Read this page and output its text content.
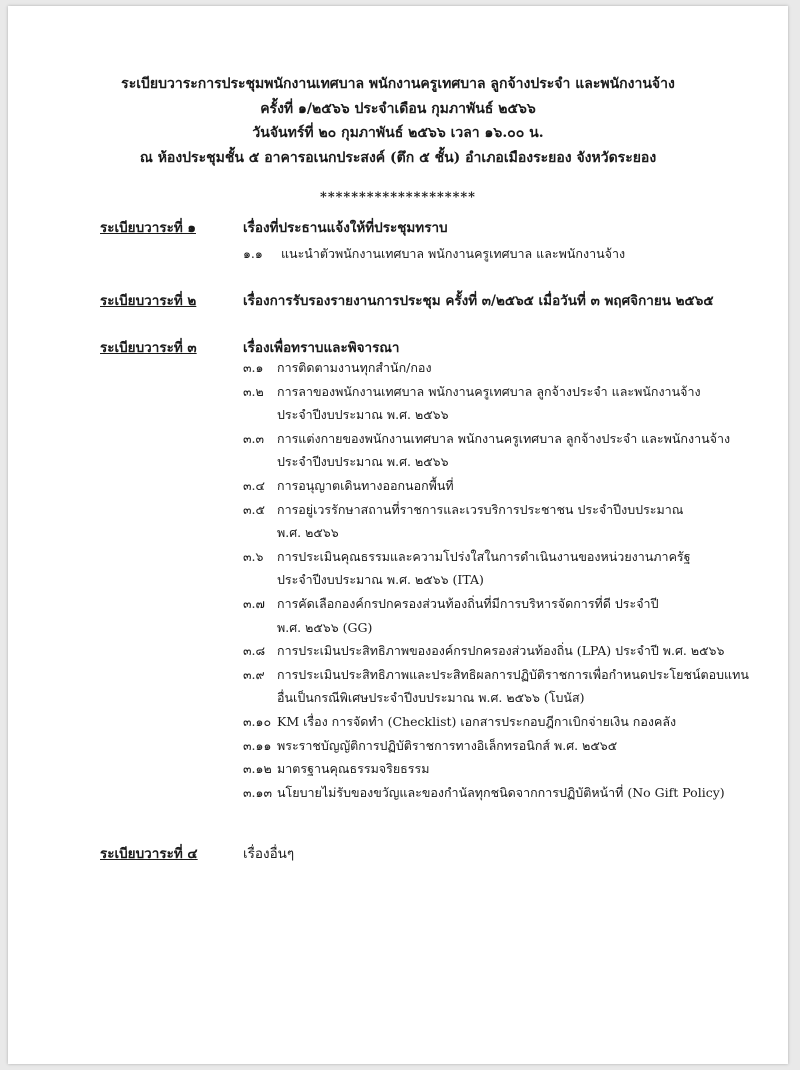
ระเบียบวาระการประชุมพนักงานเทศบาล พนักงานครูเทศบาล ลูกจ้างประจำ และพนักงานจ้าง
ครั้งที่ ๑/๒๕๖๖ ประจำเดือน กุมภาพันธ์ ๒๕๖๖
วันจันทร์ที่ ๒๐ กุมภาพันธ์ ๒๕๖๖ เวลา ๑๖.๐๐ น.
ณ ห้องประชุมชั้น ๕ อาคารอเนกประสงค์ (ตึก ๕ ชั้น) อำเภอเมืองระยอง จังหวัดระยอง
********************
ระเบียบวาระที่ ๑	เรื่องที่ประธานแจ้งให้ที่ประชุมทราบ
๑.๑ แนะนำตัวพนักงานเทศบาล พนักงานครูเทศบาล และพนักงานจ้าง
ระเบียบวาระที่ ๒	เรื่องการรับรองรายงานการประชุม ครั้งที่ ๓/๒๕๖๕ เมื่อวันที่ ๓ พฤศจิกายน ๒๕๖๕
ระเบียบวาระที่ ๓	เรื่องเพื่อทราบและพิจารณา
๓.๑ การติดตามงานทุกสำนัก/กอง
๓.๒ การลาของพนักงานเทศบาล พนักงานครูเทศบาล ลูกจ้างประจำ และพนักงานจ้าง
ประจำปีงบประมาณ พ.ศ. ๒๕๖๖
๓.๓ การแต่งกายของพนักงานเทศบาล พนักงานครูเทศบาล ลูกจ้างประจำ และพนักงานจ้าง
ประจำปีงบประมาณ พ.ศ. ๒๕๖๖
๓.๔ การอนุญาตเดินทางออกนอกพื้นที่
๓.๕ การอยู่เวรรักษาสถานที่ราชการและเวรบริการประชาชน ประจำปีงบประมาณ
พ.ศ. ๒๕๖๖
๓.๖ การประเมินคุณธรรมและความโปร่งใสในการดำเนินงานของหน่วยงานภาครัฐ
ประจำปีงบประมาณ พ.ศ. ๒๕๖๖ (ITA)
๓.๗ การคัดเลือกองค์กรปกครองส่วนท้องถิ่นที่มีการบริหารจัดการที่ดี ประจำปี
พ.ศ. ๒๕๖๖ (GG)
๓.๘ การประเมินประสิทธิภาพขององค์กรปกครองส่วนท้องถิ่น (LPA) ประจำปี พ.ศ. ๒๕๖๖
๓.๙ การประเมินประสิทธิภาพและประสิทธิผลการปฏิบัติราชการเพื่อกำหนดประโยชน์ตอบแทน
อื่นเป็นกรณีพิเศษประจำปีงบประมาณ พ.ศ. ๒๕๖๖ (โบนัส)
๓.๑๐ KM เรื่อง การจัดทำ (Checklist) เอกสารประกอบฎีกาเบิกจ่ายเงิน กองคลัง
๓.๑๑ พระราชบัญญัติการปฏิบัติราชการทางอิเล็กทรอนิกส์ พ.ศ. ๒๕๖๕
๓.๑๒ มาตรฐานคุณธรรมจริยธรรม
๓.๑๓ นโยบายไม่รับของขวัญและของกำนัลทุกชนิดจากการปฏิบัติหน้าที่ (No Gift Policy)
ระเบียบวาระที่ ๔	เรื่องอื่นๆ
